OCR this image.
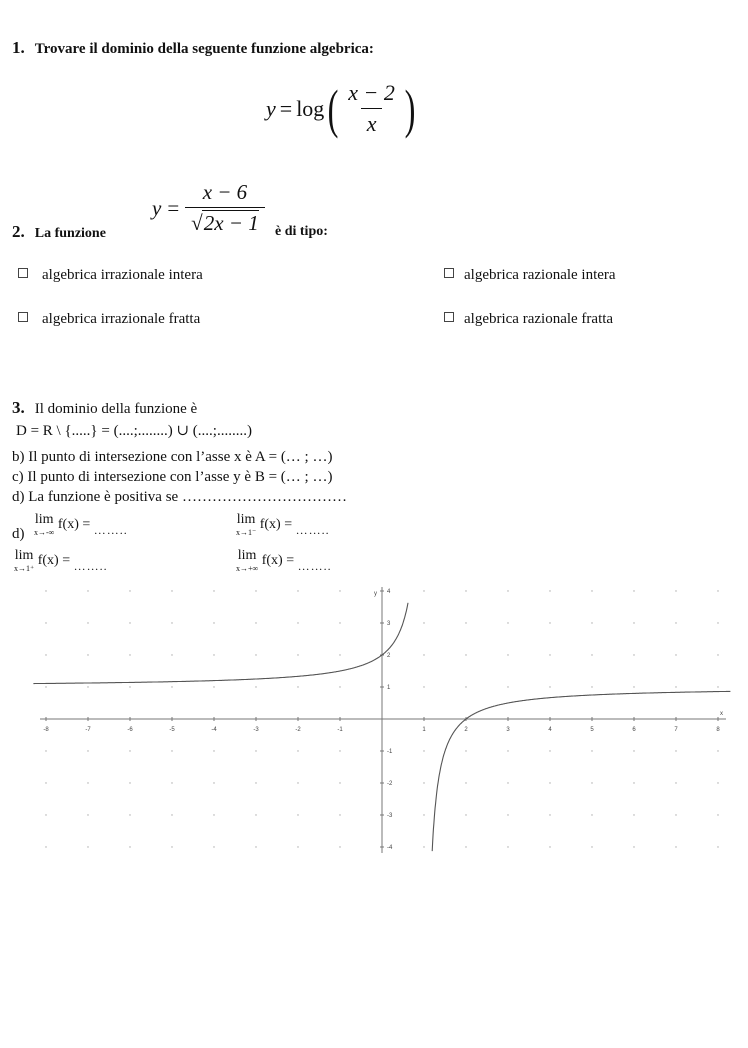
1. Trovare il dominio della seguente funzione algebrica:
y = log ( $\frac{x - 2}{x}$ )
$y = \frac{x - 6}{√2x - 1}$
2. La funzione	è di tipo:
algebrica irrazionale intera	algebrica razionale intera
algebrica irrazionale fratta	algebrica razionale fratta
3. Il dominio della funzione è
D = R \ {.....} = (....;........) ∪ (....;........)
b) Il punto di intersezione con l’asse x è A = (… ; …)
c) Il punto di intersezione con l’asse y è B = (… ; …)
d) La funzione è positiva se ……………………………
d)
lim
x→-∞
f(x) = ……..
lim
x→1⁻
f(x) = ……..
lim
x→1⁺
f(x) = ……..
lim
x→+∞
f(x) = ……..
-8	-7	-6	-5	-4	-3	-2	-1	1	2	3	4	5	6	7	8
4
3
2
1
-1
-2
-3
-4
x
y
